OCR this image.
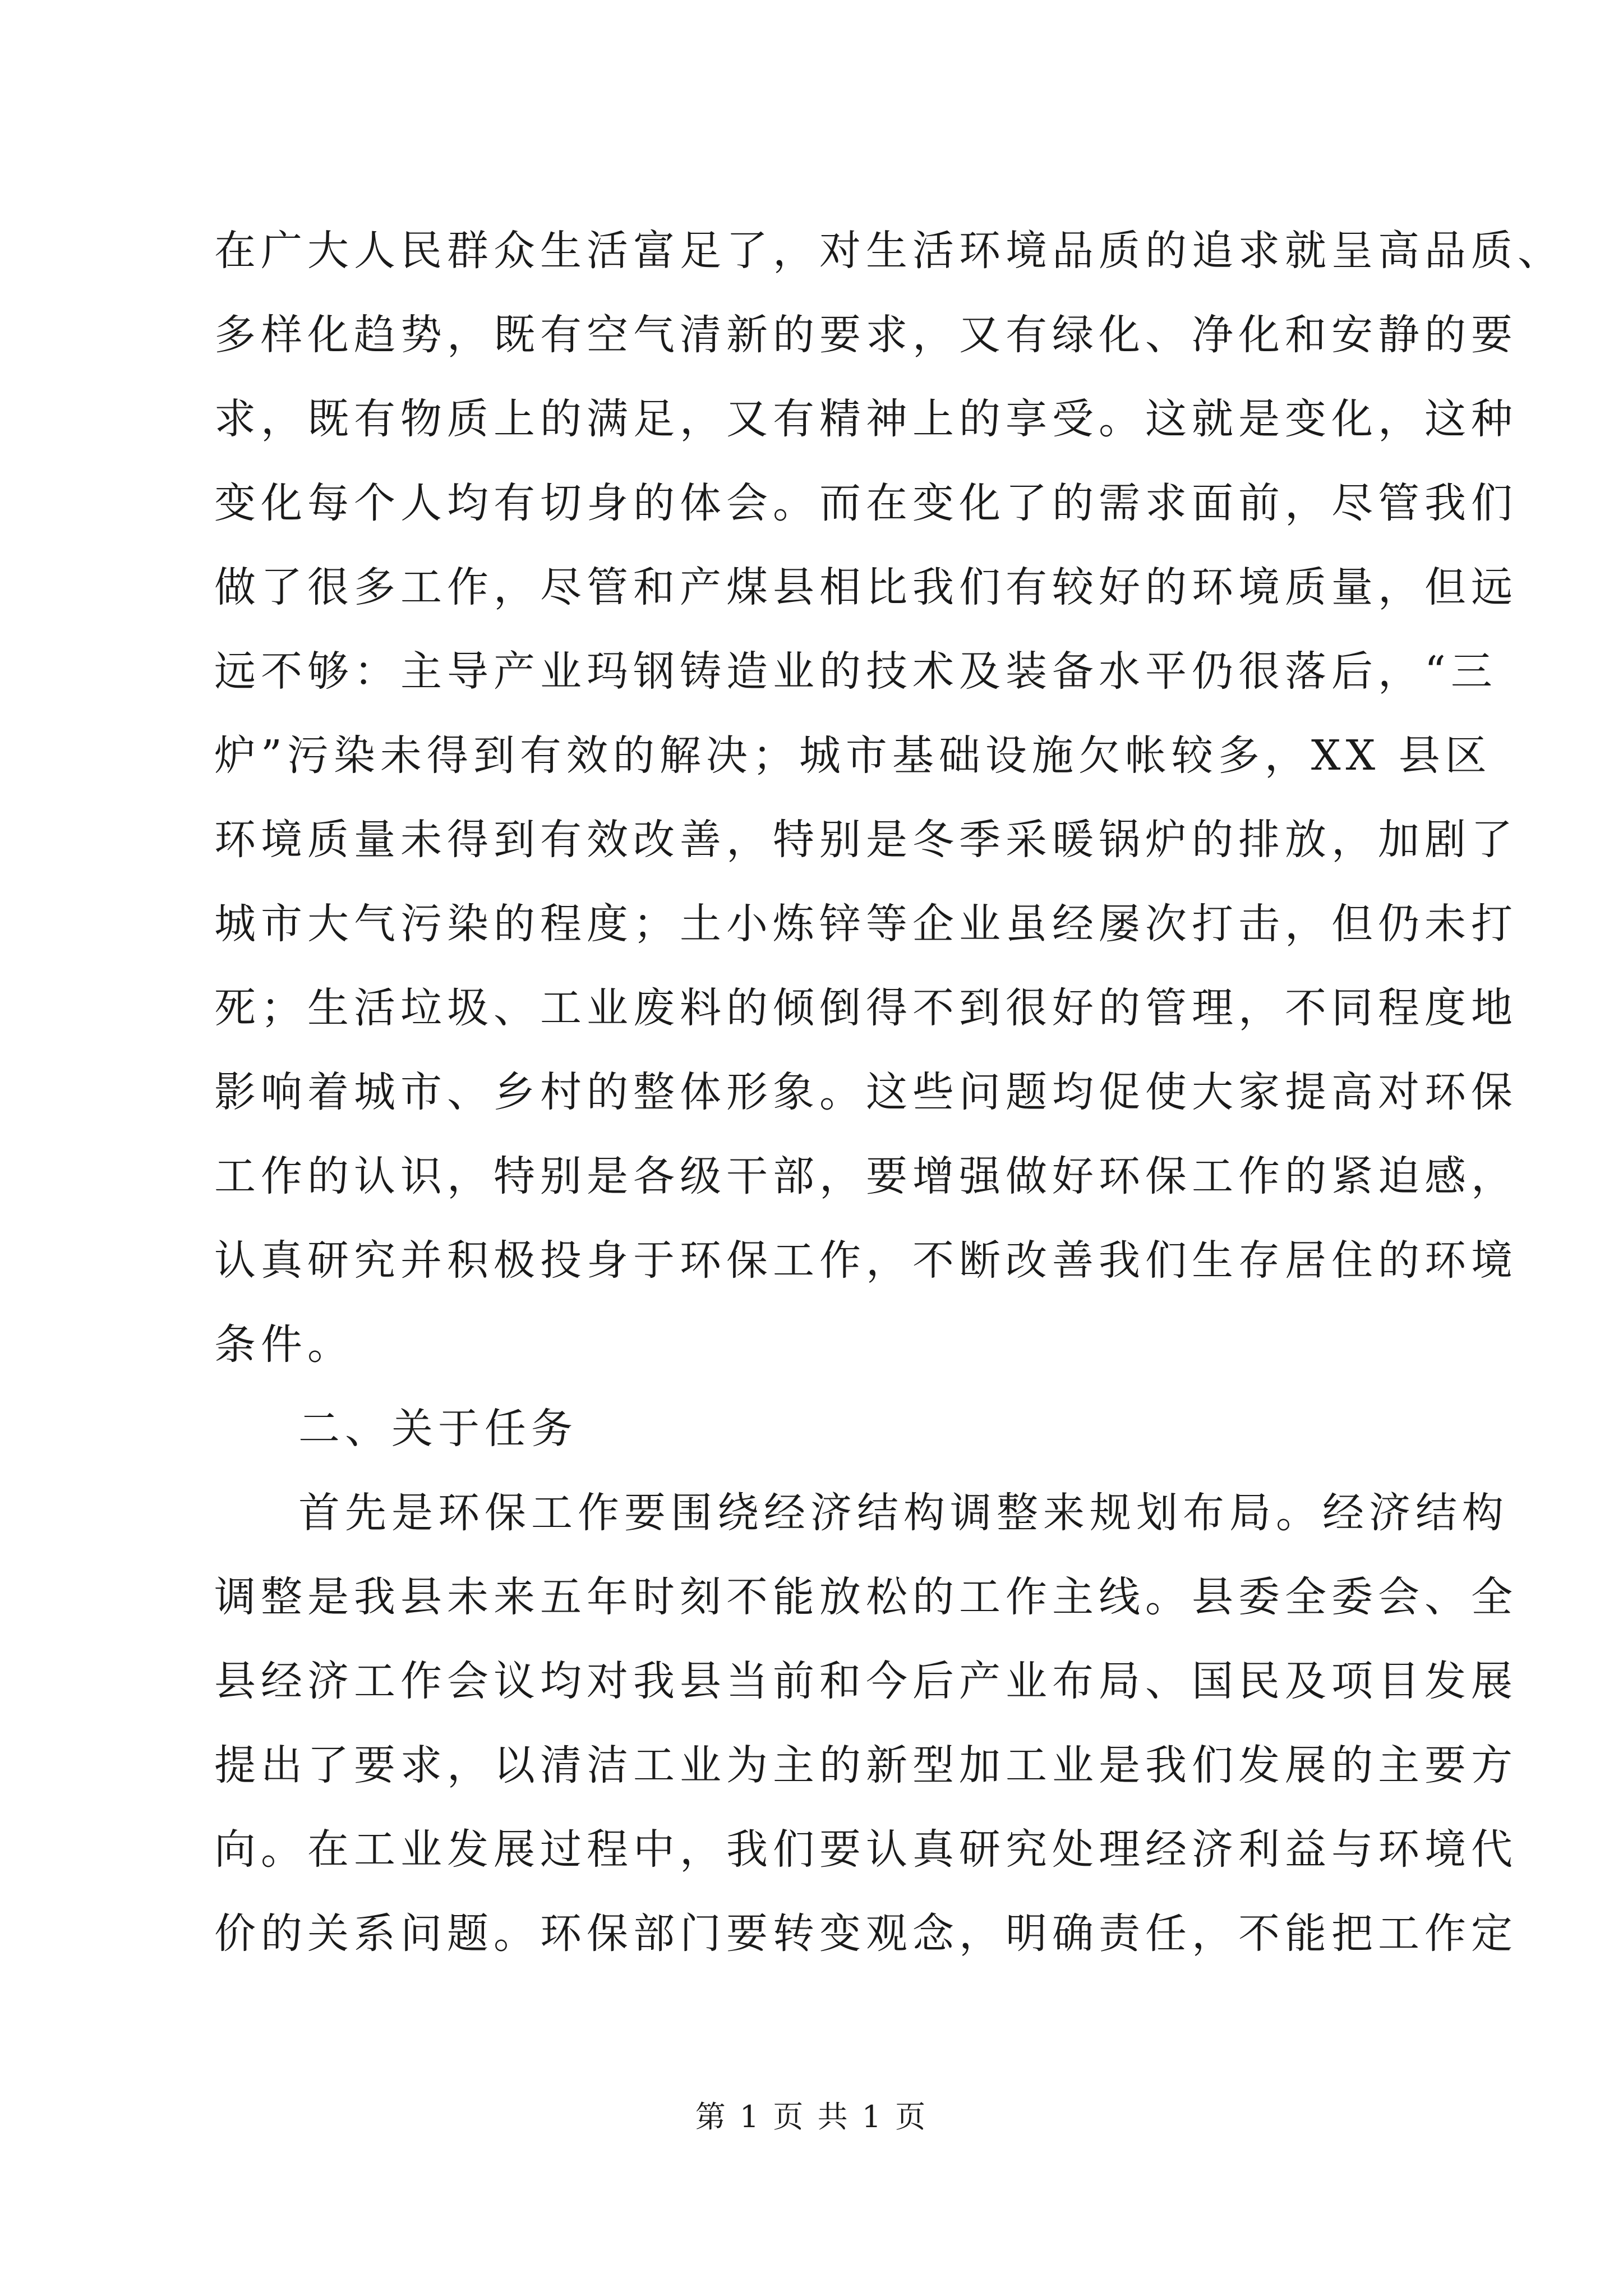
在广大人民群众生活富足了，对生活环境品质的追求就呈高品质、
多样化趋势，既有空气清新的要求，又有绿化、净化和安静的要
求，既有物质上的满足，又有精神上的享受。这就是变化，这种
变化每个人均有切身的体会。而在变化了的需求面前，尽管我们
做了很多工作，尽管和产煤县相比我们有较好的环境质量，但远
远不够：主导产业玛钢铸造业的技术及装备水平仍很落后，“三
炉”污染未得到有效的解决；城市基础设施欠帐较多，XX 县区
环境质量未得到有效改善，特别是冬季采暖锅炉的排放，加剧了
城市大气污染的程度；土小炼锌等企业虽经屡次打击，但仍未打
死；生活垃圾、工业废料的倾倒得不到很好的管理，不同程度地
影响着城市、乡村的整体形象。这些问题均促使大家提高对环保
工作的认识，特别是各级干部，要增强做好环保工作的紧迫感，
认真研究并积极投身于环保工作，不断改善我们生存居住的环境
条件。
二、关于任务
首先是环保工作要围绕经济结构调整来规划布局。经济结构
调整是我县未来五年时刻不能放松的工作主线。县委全委会、全
县经济工作会议均对我县当前和今后产业布局、国民及项目发展
提出了要求，以清洁工业为主的新型加工业是我们发展的主要方
向。在工业发展过程中，我们要认真研究处理经济利益与环境代
价的关系问题。环保部门要转变观念，明确责任，不能把工作定
第 1 页 共 1 页
